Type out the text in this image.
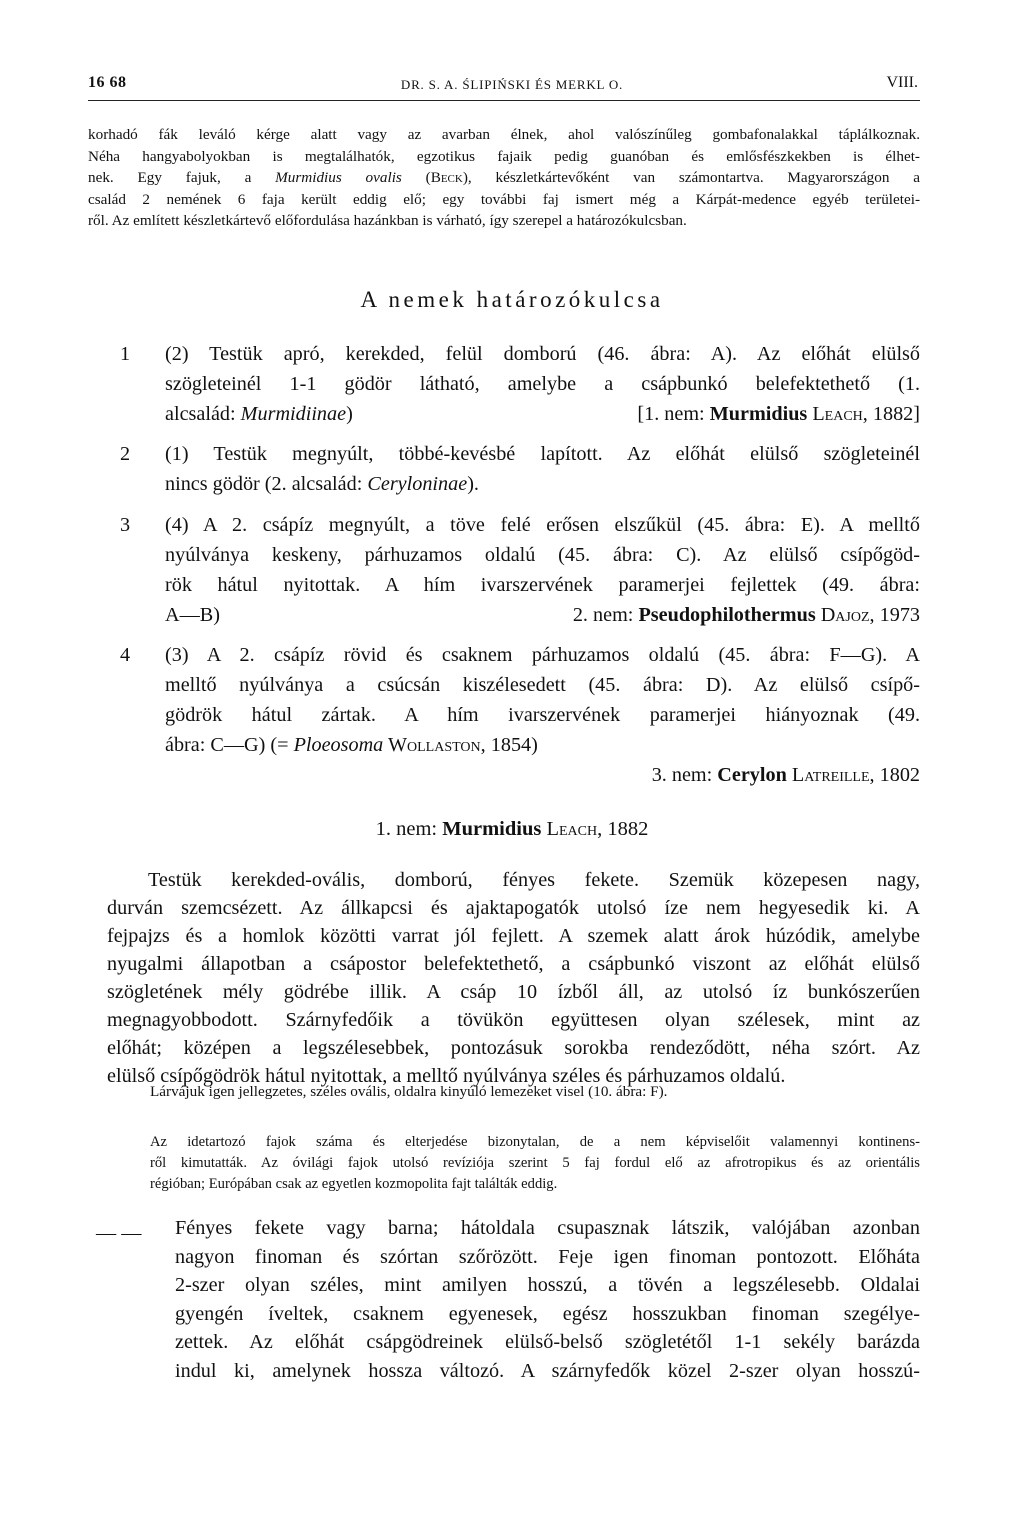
16 68	DR. S. A. ŚLIPIŃSKI ÉS MERKL O.	VIII.
korhadó fák leváló kérge alatt vagy az avarban élnek, ahol valószínűleg gombafonalakkal táplálkoznak.
Néha hangyabolyokban is megtalálhatók, egzotikus fajaik pedig guanóban és emlősfészkekben is élhet-
nek. Egy fajuk, a Murmidius ovalis (Beck), készletkártevőként van számontartva. Magyarországon a
család 2 nemének 6 faja került eddig elő; egy további faj ismert még a Kárpát-medence egyéb területei-
ről. Az említett készletkártevő előfordulása hazánkban is várható, így szerepel a határozókulcsban.
A nemek határozókulcsa
1 (2) Testük apró, kerekded, felül domború (46. ábra: A). Az előhát elülső
szögleteinél 1-1 gödör látható, amelybe a csápbunkó belefektethető (1.
alcsalád: Murmidiinae)	[1. nem: Murmidius Leach, 1882]
2 (1) Testük megnyúlt, többé-kevésbé lapított. Az előhát elülső szögleteinél
nincs gödör (2. alcsalád: Ceryloninae).
3 (4) A 2. csápíz megnyúlt, a töve felé erősen elszűkül (45. ábra: E). A melltő
nyúlványa keskeny, párhuzamos oldalú (45. ábra: C). Az elülső csípőgöd-
rök hátul nyitottak. A hím ivarszervének paramerjei fejlettek (49. ábra:
A—B)	2. nem: Pseudophilothermus Dajoz, 1973
4 (3) A 2. csápíz rövid és csaknem párhuzamos oldalú (45. ábra: F—G). A
melltő nyúlványa a csúcsán kiszélesedett (45. ábra: D). Az elülső csípő-
gödrök hátul zártak. A hím ivarszervének paramerjei hiányoznak (49.
ábra: C—G) (= Ploeosoma Wollaston, 1854)
3. nem: Cerylon Latreille, 1802
1. nem: Murmidius Leach, 1882
Testük kerekded-ovális, domború, fényes fekete. Szemük közepesen nagy,
durván szemcsézett. Az állkapcsi és ajaktapogatók utolsó íze nem hegyesedik ki. A
fejpajzs és a homlok közötti varrat jól fejlett. A szemek alatt árok húzódik, amelybe
nyugalmi állapotban a csápostor belefektethető, a csápbunkó viszont az előhát elülső
szögletének mély gödrébe illik. A csáp 10 ízből áll, az utolsó íz bunkószerűen
megnagyobbodott. Szárnyfedőik a tövükön együttesen olyan szélesek, mint az
előhát; középen a legszélesebbek, pontozásuk sorokba rendeződött, néha szórt. Az
elülső csípőgödrök hátul nyitottak, a melltő nyúlványa széles és párhuzamos oldalú.
Lárvájuk igen jellegzetes, széles ovális, oldalra kinyúló lemezeket visel (10. ábra: F).
Az idetartozó fajok száma és elterjedése bizonytalan, de a nem képviselőit valamennyi kontinens-
ről kimutatták. Az óvilági fajok utolsó revíziója szerint 5 faj fordul elő az afrotropikus és az orientális
régióban; Európában csak az egyetlen kozmopolita fajt találták eddig.
— — Fényes fekete vagy barna; hátoldala csupasznak látszik, valójában azonban
nagyon finoman és szórtan szőrözött. Feje igen finoman pontozott. Előháta
2-szer olyan széles, mint amilyen hosszú, a tövén a legszélesebb. Oldalai
gyengén íveltek, csaknem egyenesek, egész hosszukban finoman szegélye-
zettek. Az előhát csápgödreinek elülső-belső szögletétől 1-1 sekély barázda
indul ki, amelynek hossza változó. A szárnyfedők közel 2-szer olyan hosszú-
